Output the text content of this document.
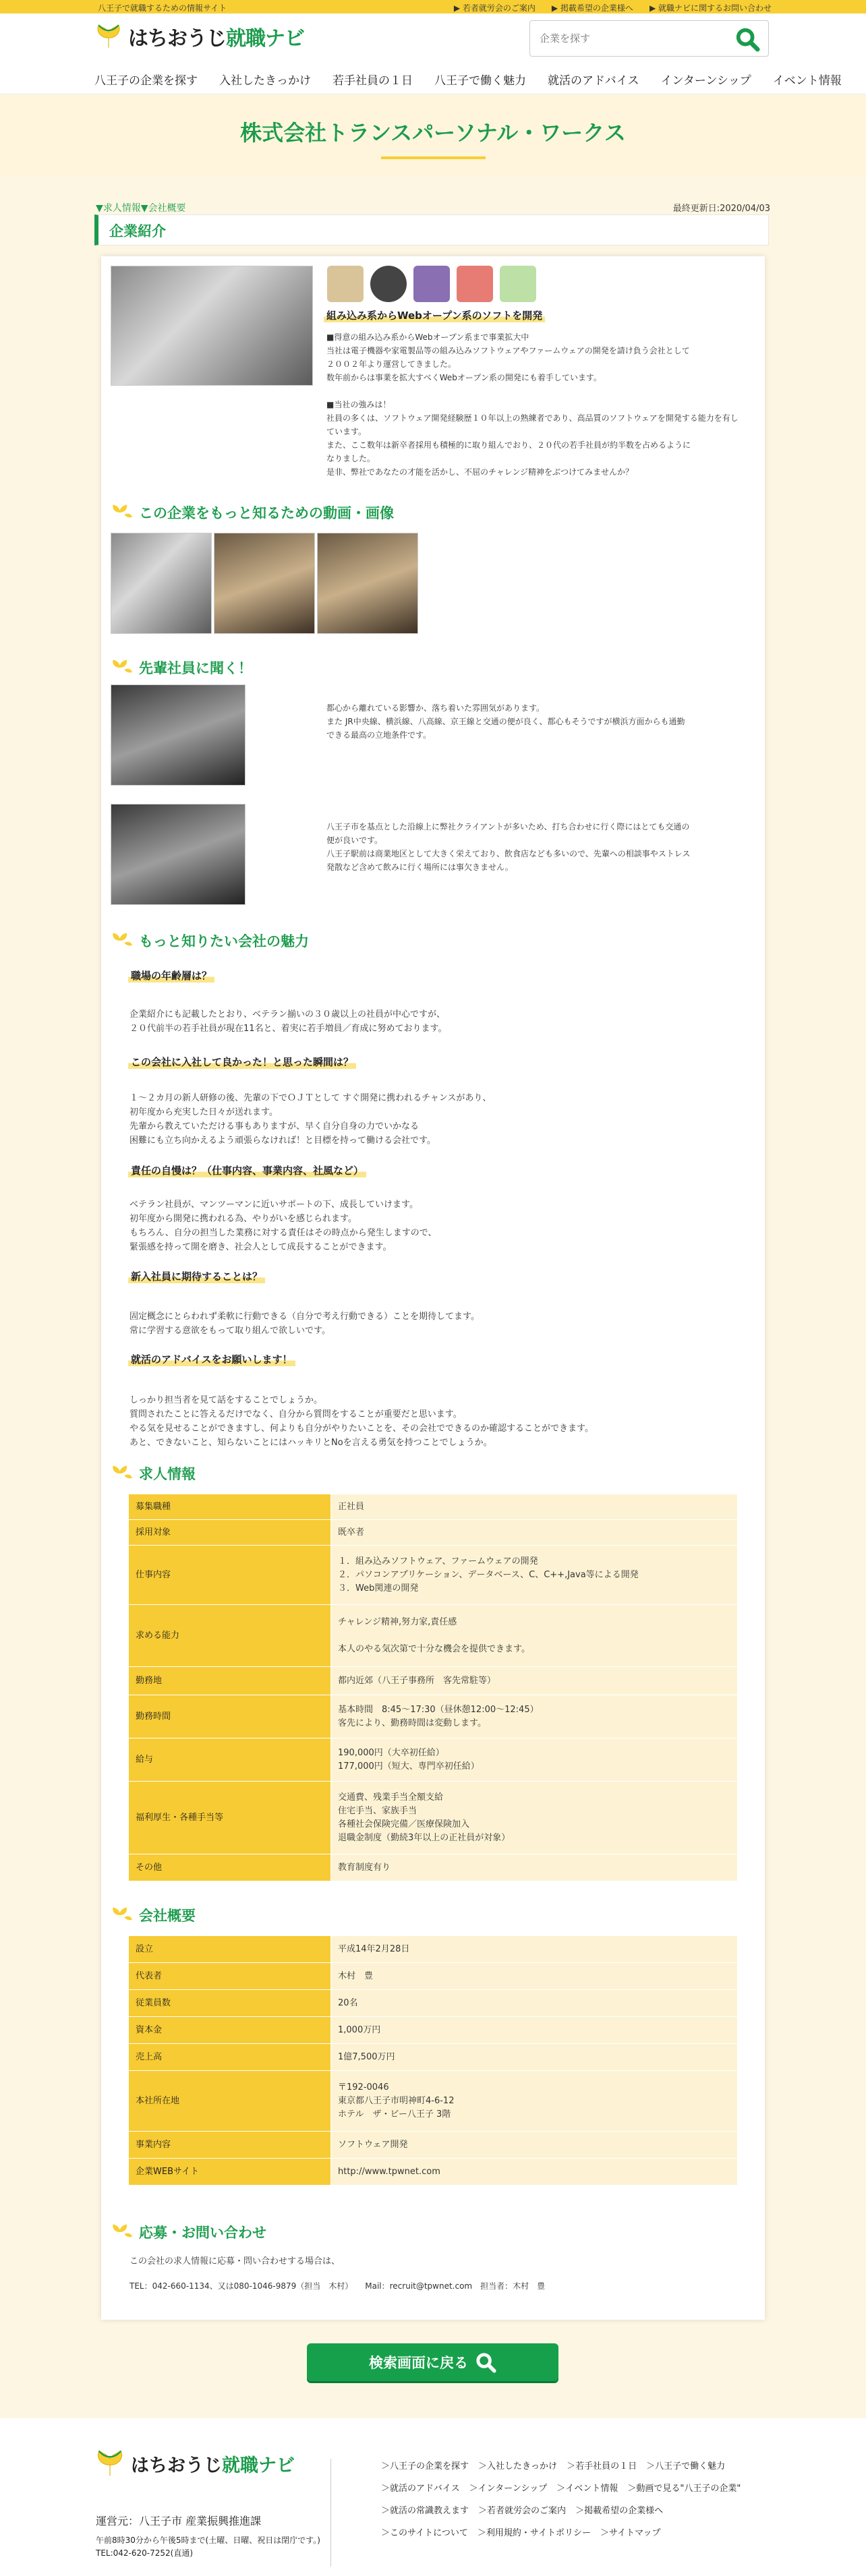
八王子で就職するための情報サイト	▶ 若者就労会のご案内 ▶ 掲載希望の企業様へ ▶ 就職ナビに関するお問い合わせ
はちおうじ就職ナビ
企業を探す
八王子の企業を探す 入社したきっかけ 若手社員の１日 八王子で働く魅力 就活のアドバイス インターンシップ イベント情報
株式会社トランスパーソナル・ワークス
▼求人情報▼会社概要	最終更新日:2020/04/03
企業紹介
組み込み系からWebオープン系のソフトを開発
■得意の組み込み系からWebオープン系まで事業拡大中
当社は電子機器や家電製品等の組み込みソフトウェアやファームウェアの開発を請け負う会社として
２００２年より運営してきました。
数年前からは事業を拡大すべくWebオープン系の開発にも着手しています。

■当社の強みは！
社員の多くは、ソフトウェア開発経験歴１０年以上の熟練者であり、高品質のソフトウェアを開発する能力を有しています。
また、ここ数年は新卒者採用も積極的に取り組んでおり、２０代の若手社員が約半数を占めるように
なりました。
是非、弊社であなたの才能を活かし、不屈のチャレンジ精神をぶつけてみませんか？
この企業をもっと知るための動画・画像
先輩社員に聞く！
都心から離れている影響か、落ち着いた雰囲気があります。
また JR中央線、横浜線、八高線、京王線と交通の便が良く、都心もそうですが横浜方面からも通勤
できる最高の立地条件です。
八王子市を基点とした沿線上に弊社クライアントが多いため、打ち合わせに行く際にはとても交通の
便が良いです。
八王子駅前は商業地区として大きく栄えており、飲食店なども多いので、先輩への相談事やストレス
発散など含めて飲みに行く場所には事欠きません。
もっと知りたい会社の魅力
職場の年齢層は？
企業紹介にも記載したとおり、ベテラン揃いの３０歳以上の社員が中心ですが、
２０代前半の若手社員が現在11名と、着実に若手増員／育成に努めております。
この会社に入社して良かった！と思った瞬間は？
１～２カ月の新人研修の後、先輩の下でＯＪＴとして すぐ開発に携われるチャンスがあり、
初年度から充実した日々が送れます。
先輩から教えていただける事もありますが、早く自分自身の力でいかなる
困難にも立ち向かえるよう頑張らなければ！と目標を持って働ける会社です。
責任の自慢は？（仕事内容、事業内容、社風など）
ベテラン社員が、マンツーマンに近いサポートの下、成長していけます。
初年度から開発に携われる為、やりがいを感じられます。
もちろん、自分の担当した業務に対する責任はその時点から発生しますので、
緊張感を持って開を磨き、社会人として成長することができます。
新入社員に期待することは？
固定概念にとらわれず柔軟に行動できる（自分で考え行動できる）ことを期待してます。
常に学習する意欲をもって取り組んで欲しいです。
就活のアドバイスをお願いします！
しっかり担当者を見て話をすることでしょうか。
質問されたことに答えるだけでなく、自分から質問をすることが重要だと思います。
やる気を見せることができますし、何よりも自分がやりたいことを、その会社でできるのか確認することができます。
あと、できないこと、知らないことにはハッキリとNoを言える勇気を持つことでしょうか。
求人情報
募集職種	正社員
採用対象	既卒者
仕事内容	１．組み込みソフトウェア、ファームウェアの開発
２．パソコンアプリケーション、データベース、C、C++,Java等による開発
３．Web関連の開発
求める能力	チャレンジ精神,努力家,責任感

本人のやる気次第で十分な機会を提供できます。
勤務地	都内近郊（八王子事務所　客先常駐等）
勤務時間	基本時間　8:45～17:30（昼休憩12:00～12:45）
客先により、勤務時間は変動します。
給与	190,000円（大卒初任給）
177,000円（短大、専門卒初任給）
福利厚生・各種手当等	交通費、残業手当全額支給
住宅手当、家族手当
各種社会保険完備／医療保険加入
退職金制度（勤続3年以上の正社員が対象）
その他	教育制度有り
会社概要
設立	平成14年2月28日
代表者	木村　豊
従業員数	20名
資本金	1,000万円
売上高	1億7,500万円
本社所在地	〒192-0046
東京都八王子市明神町4-6-12
ホテル　ザ・ビー八王子 3階
事業内容	ソフトウェア開発
企業WEBサイト	http://www.tpwnet.com
応募・お問い合わせ
この会社の求人情報に応募・問い合わせする場合は、
TEL：042-660-1134、又は080-1046-9879（担当　木村）　　Mail：recruit@tpwnet.com　担当者：木村　豊
検索画面に戻る
はちおうじ就職ナビ
運営元：八王子市 産業振興推進課
午前8時30分から午後5時まで(土曜、日曜、祝日は閉庁です。)
TEL:042-620-7252(直通)
＞八王子の企業を探す ＞入社したきっかけ ＞若手社員の１日 ＞八王子で働く魅力
＞就活のアドバイス ＞インターンシップ ＞イベント情報 ＞動画で見る"八王子の企業"
＞就活の常識教えます ＞若者就労会のご案内 ＞掲載希望の企業様へ
＞このサイトについて ＞利用規約・サイトポリシー ＞サイトマップ
